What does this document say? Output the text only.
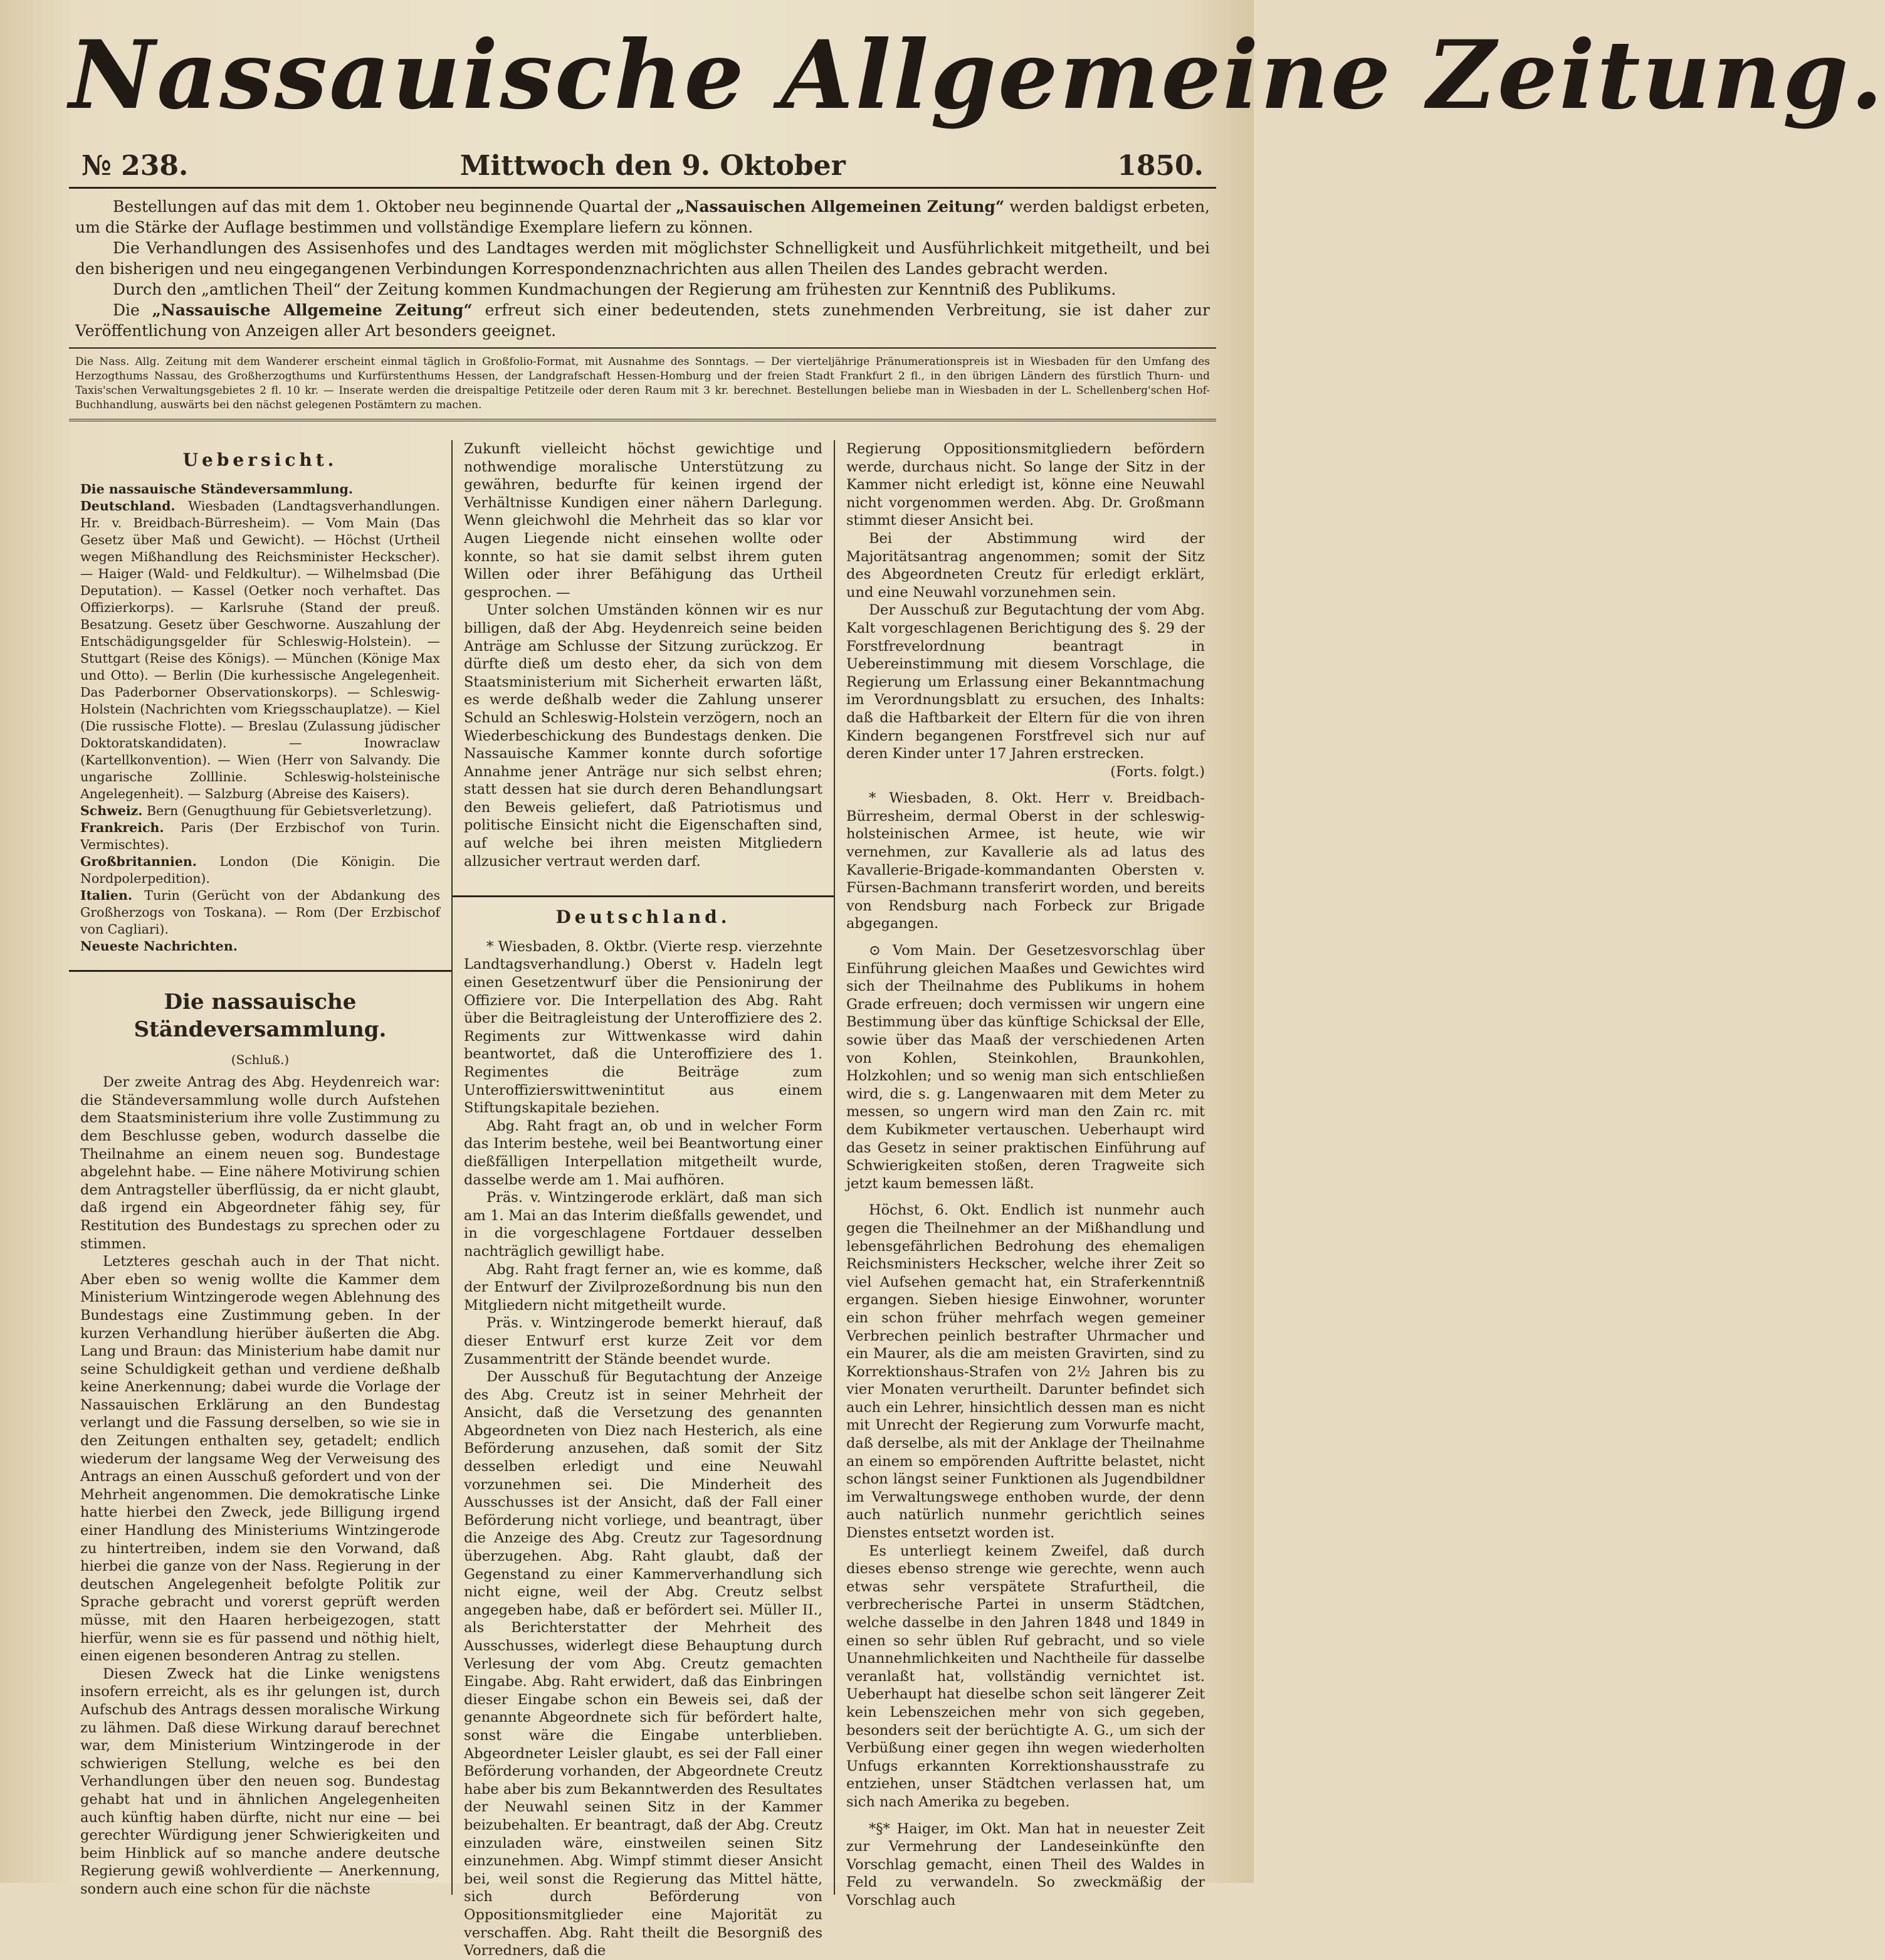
Nassauische Allgemeine Zeitung.
№ 238.	Mittwoch den 9. Oktober	1850.

Bestellungen auf das mit dem 1. Oktober neu beginnende Quartal der „Nassauischen Allgemeinen Zeitung“ werden baldigst erbeten, um die Stärke der Auflage bestimmen und vollständige Exemplare liefern zu können.

Die Verhandlungen des Assisenhofes und des Landtages werden mit möglichster Schnelligkeit und Ausführlichkeit mitgetheilt, und bei den bisherigen und neu eingegangenen Verbindungen Korrespondenznachrichten aus allen Theilen des Landes gebracht werden.

Durch den „amtlichen Theil“ der Zeitung kommen Kundmachungen der Regierung am frühesten zur Kenntniß des Publikums.

Die „Nassauische Allgemeine Zeitung“ erfreut sich einer bedeutenden, stets zunehmenden Verbreitung, sie ist daher zur Veröffentlichung von Anzeigen aller Art besonders geeignet.

Die Nass. Allg. Zeitung mit dem Wanderer erscheint einmal täglich in Großfolio-Format, mit Ausnahme des Sonntags. — Der vierteljährige Pränumerationspreis ist in Wiesbaden für den Umfang des Herzogthums Nassau, des Großherzogthums und Kurfürstenthums Hessen, der Landgrafschaft Hessen-Homburg und der freien Stadt Frankfurt 2 fl., in den übrigen Ländern des fürstlich Thurn- und Taxis'schen Verwaltungsgebietes 2 fl. 10 kr. — Inserate werden die dreispaltige Petitzeile oder deren Raum mit 3 kr. berechnet. Bestellungen beliebe man in Wiesbaden in der L. Schellenberg'schen Hof-Buchhandlung, auswärts bei den nächst gelegenen Postämtern zu machen.
Uebersicht.

Die nassauische Ständeversammlung.

Deutschland. Wiesbaden (Landtagsverhandlungen. Hr. v. Breidbach-Bürresheim). — Vom Main (Das Gesetz über Maß und Gewicht). — Höchst (Urtheil wegen Mißhandlung des Reichsminister Heckscher). — Haiger (Wald- und Feldkultur). — Wilhelmsbad (Die Deputation). — Kassel (Oetker noch verhaftet. Das Offizierkorps). — Karlsruhe (Stand der preuß. Besatzung. Gesetz über Geschworne. Auszahlung der Entschädigungsgelder für Schleswig-Holstein). — Stuttgart (Reise des Königs). — München (Könige Max und Otto). — Berlin (Die kurhessische Angelegenheit. Das Paderborner Observationskorps). — Schleswig-Holstein (Nachrichten vom Kriegsschauplatze). — Kiel (Die russische Flotte). — Breslau (Zulassung jüdischer Doktoratskandidaten). — Inowraclaw (Kartellkonvention). — Wien (Herr von Salvandy. Die ungarische Zolllinie. Schleswig-holsteinische Angelegenheit). — Salzburg (Abreise des Kaisers).

Schweiz. Bern (Genugthuung für Gebietsverletzung).

Frankreich. Paris (Der Erzbischof von Turin. Vermischtes).

Großbritannien. London (Die Königin. Die Nordpolerpedition).

Italien. Turin (Gerücht von der Abdankung des Großherzogs von Toskana). — Rom (Der Erzbischof von Cagliari).

Neueste Nachrichten.

Die nassauische Ständeversammlung.
(Schluß.)

Der zweite Antrag des Abg. Heydenreich war: die Ständeversammlung wolle durch Aufstehen dem Staatsministerium ihre volle Zustimmung zu dem Beschlusse geben, wodurch dasselbe die Theilnahme an einem neuen sog. Bundestage abgelehnt habe. — Eine nähere Motivirung schien dem Antragsteller überflüssig, da er nicht glaubt, daß irgend ein Abgeordneter fähig sey, für Restitution des Bundestags zu sprechen oder zu stimmen.

Letzteres geschah auch in der That nicht. Aber eben so wenig wollte die Kammer dem Ministerium Wintzingerode wegen Ablehnung des Bundestags eine Zustimmung geben. In der kurzen Verhandlung hierüber äußerten die Abg. Lang und Braun: das Ministerium habe damit nur seine Schuldigkeit gethan und verdiene deßhalb keine Anerkennung; dabei wurde die Vorlage der Nassauischen Erklärung an den Bundestag verlangt und die Fassung derselben, so wie sie in den Zeitungen enthalten sey, getadelt; endlich wiederum der langsame Weg der Verweisung des Antrags an einen Ausschuß gefordert und von der Mehrheit angenommen. Die demokratische Linke hatte hierbei den Zweck, jede Billigung irgend einer Handlung des Ministeriums Wintzingerode zu hintertreiben, indem sie den Vorwand, daß hierbei die ganze von der Nass. Regierung in der deutschen Angelegenheit befolgte Politik zur Sprache gebracht und vorerst geprüft werden müsse, mit den Haaren herbeigezogen, statt hierfür, wenn sie es für passend und nöthig hielt, einen eigenen besonderen Antrag zu stellen.

Diesen Zweck hat die Linke wenigstens insofern erreicht, als es ihr gelungen ist, durch Aufschub des Antrags dessen moralische Wirkung zu lähmen. Daß diese Wirkung darauf berechnet war, dem Ministerium Wintzingerode in der schwierigen Stellung, welche es bei den Verhandlungen über den neuen sog. Bundestag gehabt hat und in ähnlichen Angelegenheiten auch künftig haben dürfte, nicht nur eine — bei gerechter Würdigung jener Schwierigkeiten und beim Hinblick auf so manche andere deutsche Regierung gewiß wohlverdiente — Anerkennung, sondern auch eine schon für die nächste

Zukunft vielleicht höchst gewichtige und nothwendige moralische Unterstützung zu gewähren, bedurfte für keinen irgend der Verhältnisse Kundigen einer nähern Darlegung. Wenn gleichwohl die Mehrheit das so klar vor Augen Liegende nicht einsehen wollte oder konnte, so hat sie damit selbst ihrem guten Willen oder ihrer Befähigung das Urtheil gesprochen. —

Unter solchen Umständen können wir es nur billigen, daß der Abg. Heydenreich seine beiden Anträge am Schlusse der Sitzung zurückzog. Er dürfte dieß um desto eher, da sich von dem Staatsministerium mit Sicherheit erwarten läßt, es werde deßhalb weder die Zahlung unserer Schuld an Schleswig-Holstein verzögern, noch an Wiederbeschickung des Bundestags denken. Die Nassauische Kammer konnte durch sofortige Annahme jener Anträge nur sich selbst ehren; statt dessen hat sie durch deren Behandlungsart den Beweis geliefert, daß Patriotismus und politische Einsicht nicht die Eigenschaften sind, auf welche bei ihren meisten Mitgliedern allzusicher vertraut werden darf.

Deutschland.

* Wiesbaden, 8. Oktbr. (Vierte resp. vierzehnte Landtagsverhandlung.) Oberst v. Hadeln legt einen Gesetzentwurf über die Pensionirung der Offiziere vor. Die Interpellation des Abg. Raht über die Beitragleistung der Unteroffiziere des 2. Regiments zur Wittwenkasse wird dahin beantwortet, daß die Unteroffiziere des 1. Regimentes die Beiträge zum Unteroffizierswittwenintitut aus einem Stiftungskapitale beziehen.

Abg. Raht fragt an, ob und in welcher Form das Interim bestehe, weil bei Beantwortung einer dießfälligen Interpellation mitgetheilt wurde, dasselbe werde am 1. Mai aufhören.

Präs. v. Wintzingerode erklärt, daß man sich am 1. Mai an das Interim dießfalls gewendet, und in die vorgeschlagene Fortdauer desselben nachträglich gewilligt habe.

Abg. Raht fragt ferner an, wie es komme, daß der Entwurf der Zivilprozeßordnung bis nun den Mitgliedern nicht mitgetheilt wurde.

Präs. v. Wintzingerode bemerkt hierauf, daß dieser Entwurf erst kurze Zeit vor dem Zusammentritt der Stände beendet wurde.

Der Ausschuß für Begutachtung der Anzeige des Abg. Creutz ist in seiner Mehrheit der Ansicht, daß die Versetzung des genannten Abgeordneten von Diez nach Hesterich, als eine Beförderung anzusehen, daß somit der Sitz desselben erledigt und eine Neuwahl vorzunehmen sei. Die Minderheit des Ausschusses ist der Ansicht, daß der Fall einer Beförderung nicht vorliege, und beantragt, über die Anzeige des Abg. Creutz zur Tagesordnung überzugehen. Abg. Raht glaubt, daß der Gegenstand zu einer Kammerverhandlung sich nicht eigne, weil der Abg. Creutz selbst angegeben habe, daß er befördert sei. Müller II., als Berichterstatter der Mehrheit des Ausschusses, widerlegt diese Behauptung durch Verlesung der vom Abg. Creutz gemachten Eingabe. Abg. Raht erwidert, daß das Einbringen dieser Eingabe schon ein Beweis sei, daß der genannte Abgeordnete sich für befördert halte, sonst wäre die Eingabe unterblieben. Abgeordneter Leisler glaubt, es sei der Fall einer Beförderung vorhanden, der Abgeordnete Creutz habe aber bis zum Bekanntwerden des Resultates der Neuwahl seinen Sitz in der Kammer beizubehalten. Er beantragt, daß der Abg. Creutz einzuladen wäre, einstweilen seinen Sitz einzunehmen. Abg. Wimpf stimmt dieser Ansicht bei, weil sonst die Regierung das Mittel hätte, sich durch Beförderung von Oppositionsmitglieder eine Majorität zu verschaffen. Abg. Raht theilt die Besorgniß des Vorredners, daß die

Regierung Oppositionsmitgliedern befördern werde, durchaus nicht. So lange der Sitz in der Kammer nicht erledigt ist, könne eine Neuwahl nicht vorgenommen werden. Abg. Dr. Großmann stimmt dieser Ansicht bei.

Bei der Abstimmung wird der Majoritätsantrag angenommen; somit der Sitz des Abgeordneten Creutz für erledigt erklärt, und eine Neuwahl vorzunehmen sein.

Der Ausschuß zur Begutachtung der vom Abg. Kalt vorgeschlagenen Berichtigung des §. 29 der Forstfrevelordnung beantragt in Uebereinstimmung mit diesem Vorschlage, die Regierung um Erlassung einer Bekanntmachung im Verordnungsblatt zu ersuchen, des Inhalts: daß die Haftbarkeit der Eltern für die von ihren Kindern begangenen Forstfrevel sich nur auf deren Kinder unter 17 Jahren erstrecken.

(Forts. folgt.)

* Wiesbaden, 8. Okt. Herr v. Breidbach-Bürresheim, dermal Oberst in der schleswig-holsteinischen Armee, ist heute, wie wir vernehmen, zur Kavallerie als ad latus des Kavallerie-Brigade-kommandanten Obersten v. Fürsen-Bachmann transferirt worden, und bereits von Rendsburg nach Forbeck zur Brigade abgegangen.

⊙ Vom Main. Der Gesetzesvorschlag über Einführung gleichen Maaßes und Gewichtes wird sich der Theilnahme des Publikums in hohem Grade erfreuen; doch vermissen wir ungern eine Bestimmung über das künftige Schicksal der Elle, sowie über das Maaß der verschiedenen Arten von Kohlen, Steinkohlen, Braunkohlen, Holzkohlen; und so wenig man sich entschließen wird, die s. g. Langenwaaren mit dem Meter zu messen, so ungern wird man den Zain rc. mit dem Kubikmeter vertauschen. Ueberhaupt wird das Gesetz in seiner praktischen Einführung auf Schwierigkeiten stoßen, deren Tragweite sich jetzt kaum bemessen läßt.

Höchst, 6. Okt. Endlich ist nunmehr auch gegen die Theilnehmer an der Mißhandlung und lebensgefährlichen Bedrohung des ehemaligen Reichsministers Heckscher, welche ihrer Zeit so viel Aufsehen gemacht hat, ein Straferkenntniß ergangen. Sieben hiesige Einwohner, worunter ein schon früher mehrfach wegen gemeiner Verbrechen peinlich bestrafter Uhrmacher und ein Maurer, als die am meisten Gravirten, sind zu Korrektionshaus-Strafen von 2½ Jahren bis zu vier Monaten verurtheilt. Darunter befindet sich auch ein Lehrer, hinsichtlich dessen man es nicht mit Unrecht der Regierung zum Vorwurfe macht, daß derselbe, als mit der Anklage der Theilnahme an einem so empörenden Auftritte belastet, nicht schon längst seiner Funktionen als Jugendbildner im Verwaltungswege enthoben wurde, der denn auch natürlich nunmehr gerichtlich seines Dienstes entsetzt worden ist.

Es unterliegt keinem Zweifel, daß durch dieses ebenso strenge wie gerechte, wenn auch etwas sehr verspätete Strafurtheil, die verbrecherische Partei in unserm Städtchen, welche dasselbe in den Jahren 1848 und 1849 in einen so sehr üblen Ruf gebracht, und so viele Unannehmlichkeiten und Nachtheile für dasselbe veranlaßt hat, vollständig vernichtet ist. Ueberhaupt hat dieselbe schon seit längerer Zeit kein Lebenszeichen mehr von sich gegeben, besonders seit der berüchtigte A. G., um sich der Verbüßung einer gegen ihn wegen wiederholten Unfugs erkannten Korrektionshausstrafe zu entziehen, unser Städtchen verlassen hat, um sich nach Amerika zu begeben.

*§* Haiger, im Okt. Man hat in neuester Zeit zur Vermehrung der Landeseinkünfte den Vorschlag gemacht, einen Theil des Waldes in Feld zu verwandeln. So zweckmäßig der Vorschlag auch
